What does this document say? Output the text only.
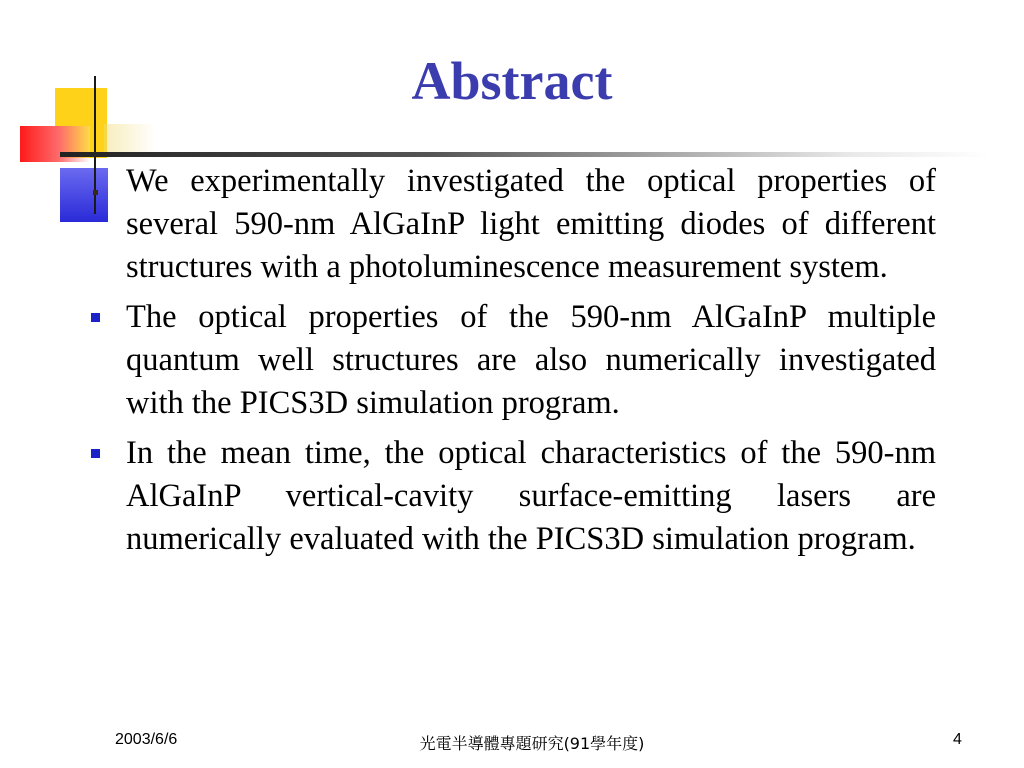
Abstract
We experimentally investigated the optical properties of several 590-nm AlGaInP light emitting diodes of different structures with a photoluminescence measurement system.
The optical properties of the 590-nm AlGaInP multiple quantum well structures are also numerically investigated with the PICS3D simulation program.
In the mean time, the optical characteristics of the 590-nm AlGaInP vertical-cavity surface-emitting lasers are numerically evaluated with the PICS3D simulation program.
2003/6/6	光電半導體專題研究(91學年度)	4
